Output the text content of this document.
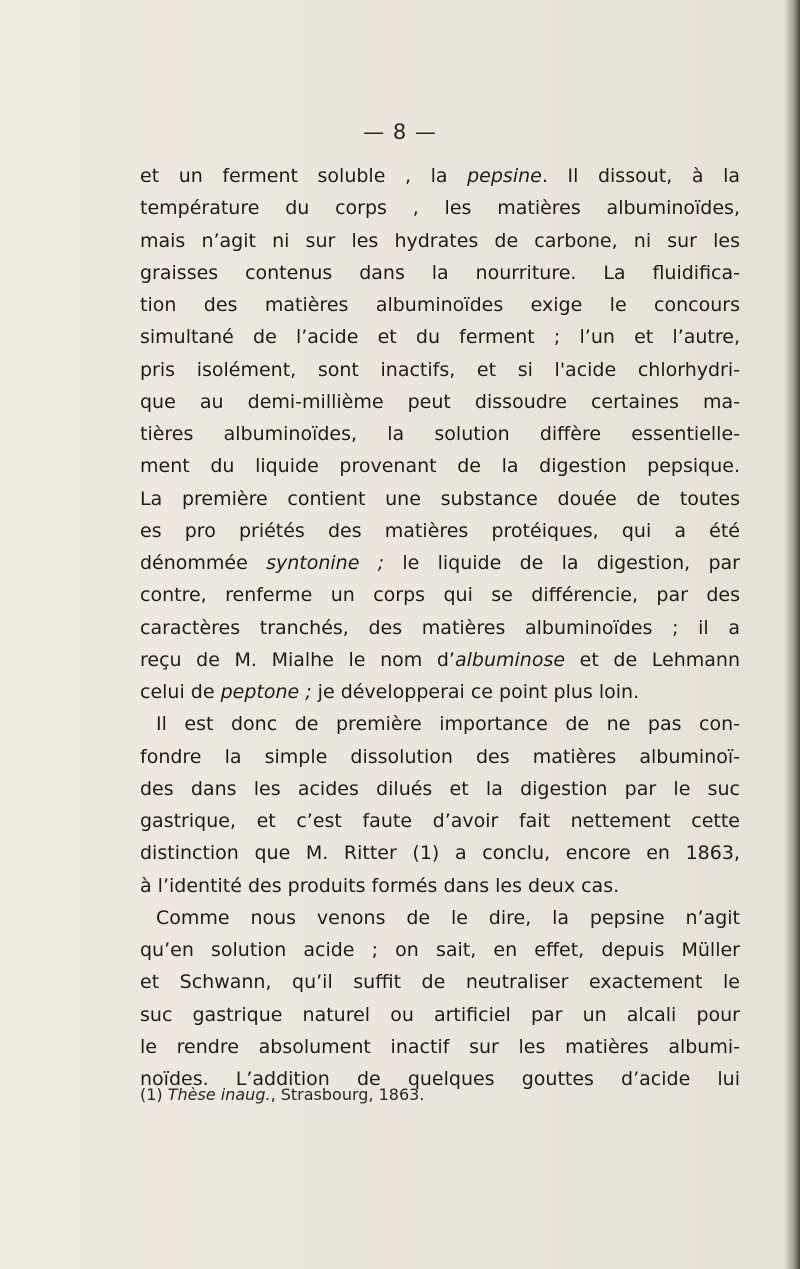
— 8 —
et un ferment soluble , la pepsine. Il dissout, à la
température du corps , les matières albuminoïdes,
mais n’agit ni sur les hydrates de carbone, ni sur les
graisses contenus dans la nourriture. La fluidifica-
tion des matières albuminoïdes exige le concours
simultané de l’acide et du ferment ; l’un et l’autre,
pris isolément, sont inactifs, et si l'acide chlorhydri-
que au demi-millième peut dissoudre certaines ma-
tières albuminoïdes, la solution diffère essentielle-
ment du liquide provenant de la digestion pepsique.
La première contient une substance douée de toutes
es pro priétés des matières protéiques, qui a été
dénommée syntonine ; le liquide de la digestion, par
contre, renferme un corps qui se différencie, par des
caractères tranchés, des matières albuminoïdes ; il a
reçu de M. Mialhe le nom d’albuminose et de Lehmann
celui de peptone ; je développerai ce point plus loin.
Il est donc de première importance de ne pas con-
fondre la simple dissolution des matières albuminoï-
des dans les acides dilués et la digestion par le suc
gastrique, et c’est faute d’avoir fait nettement cette
distinction que M. Ritter (1) a conclu, encore en 1863,
à l’identité des produits formés dans les deux cas.
Comme nous venons de le dire, la pepsine n’agit
qu’en solution acide ; on sait, en effet, depuis Müller
et Schwann, qu’il suffit de neutraliser exactement le
suc gastrique naturel ou artificiel par un alcali pour
le rendre absolument inactif sur les matières albumi-
noïdes. L’addition de quelques gouttes d’acide lui
(1) Thèse inaug., Strasbourg, 1863.
